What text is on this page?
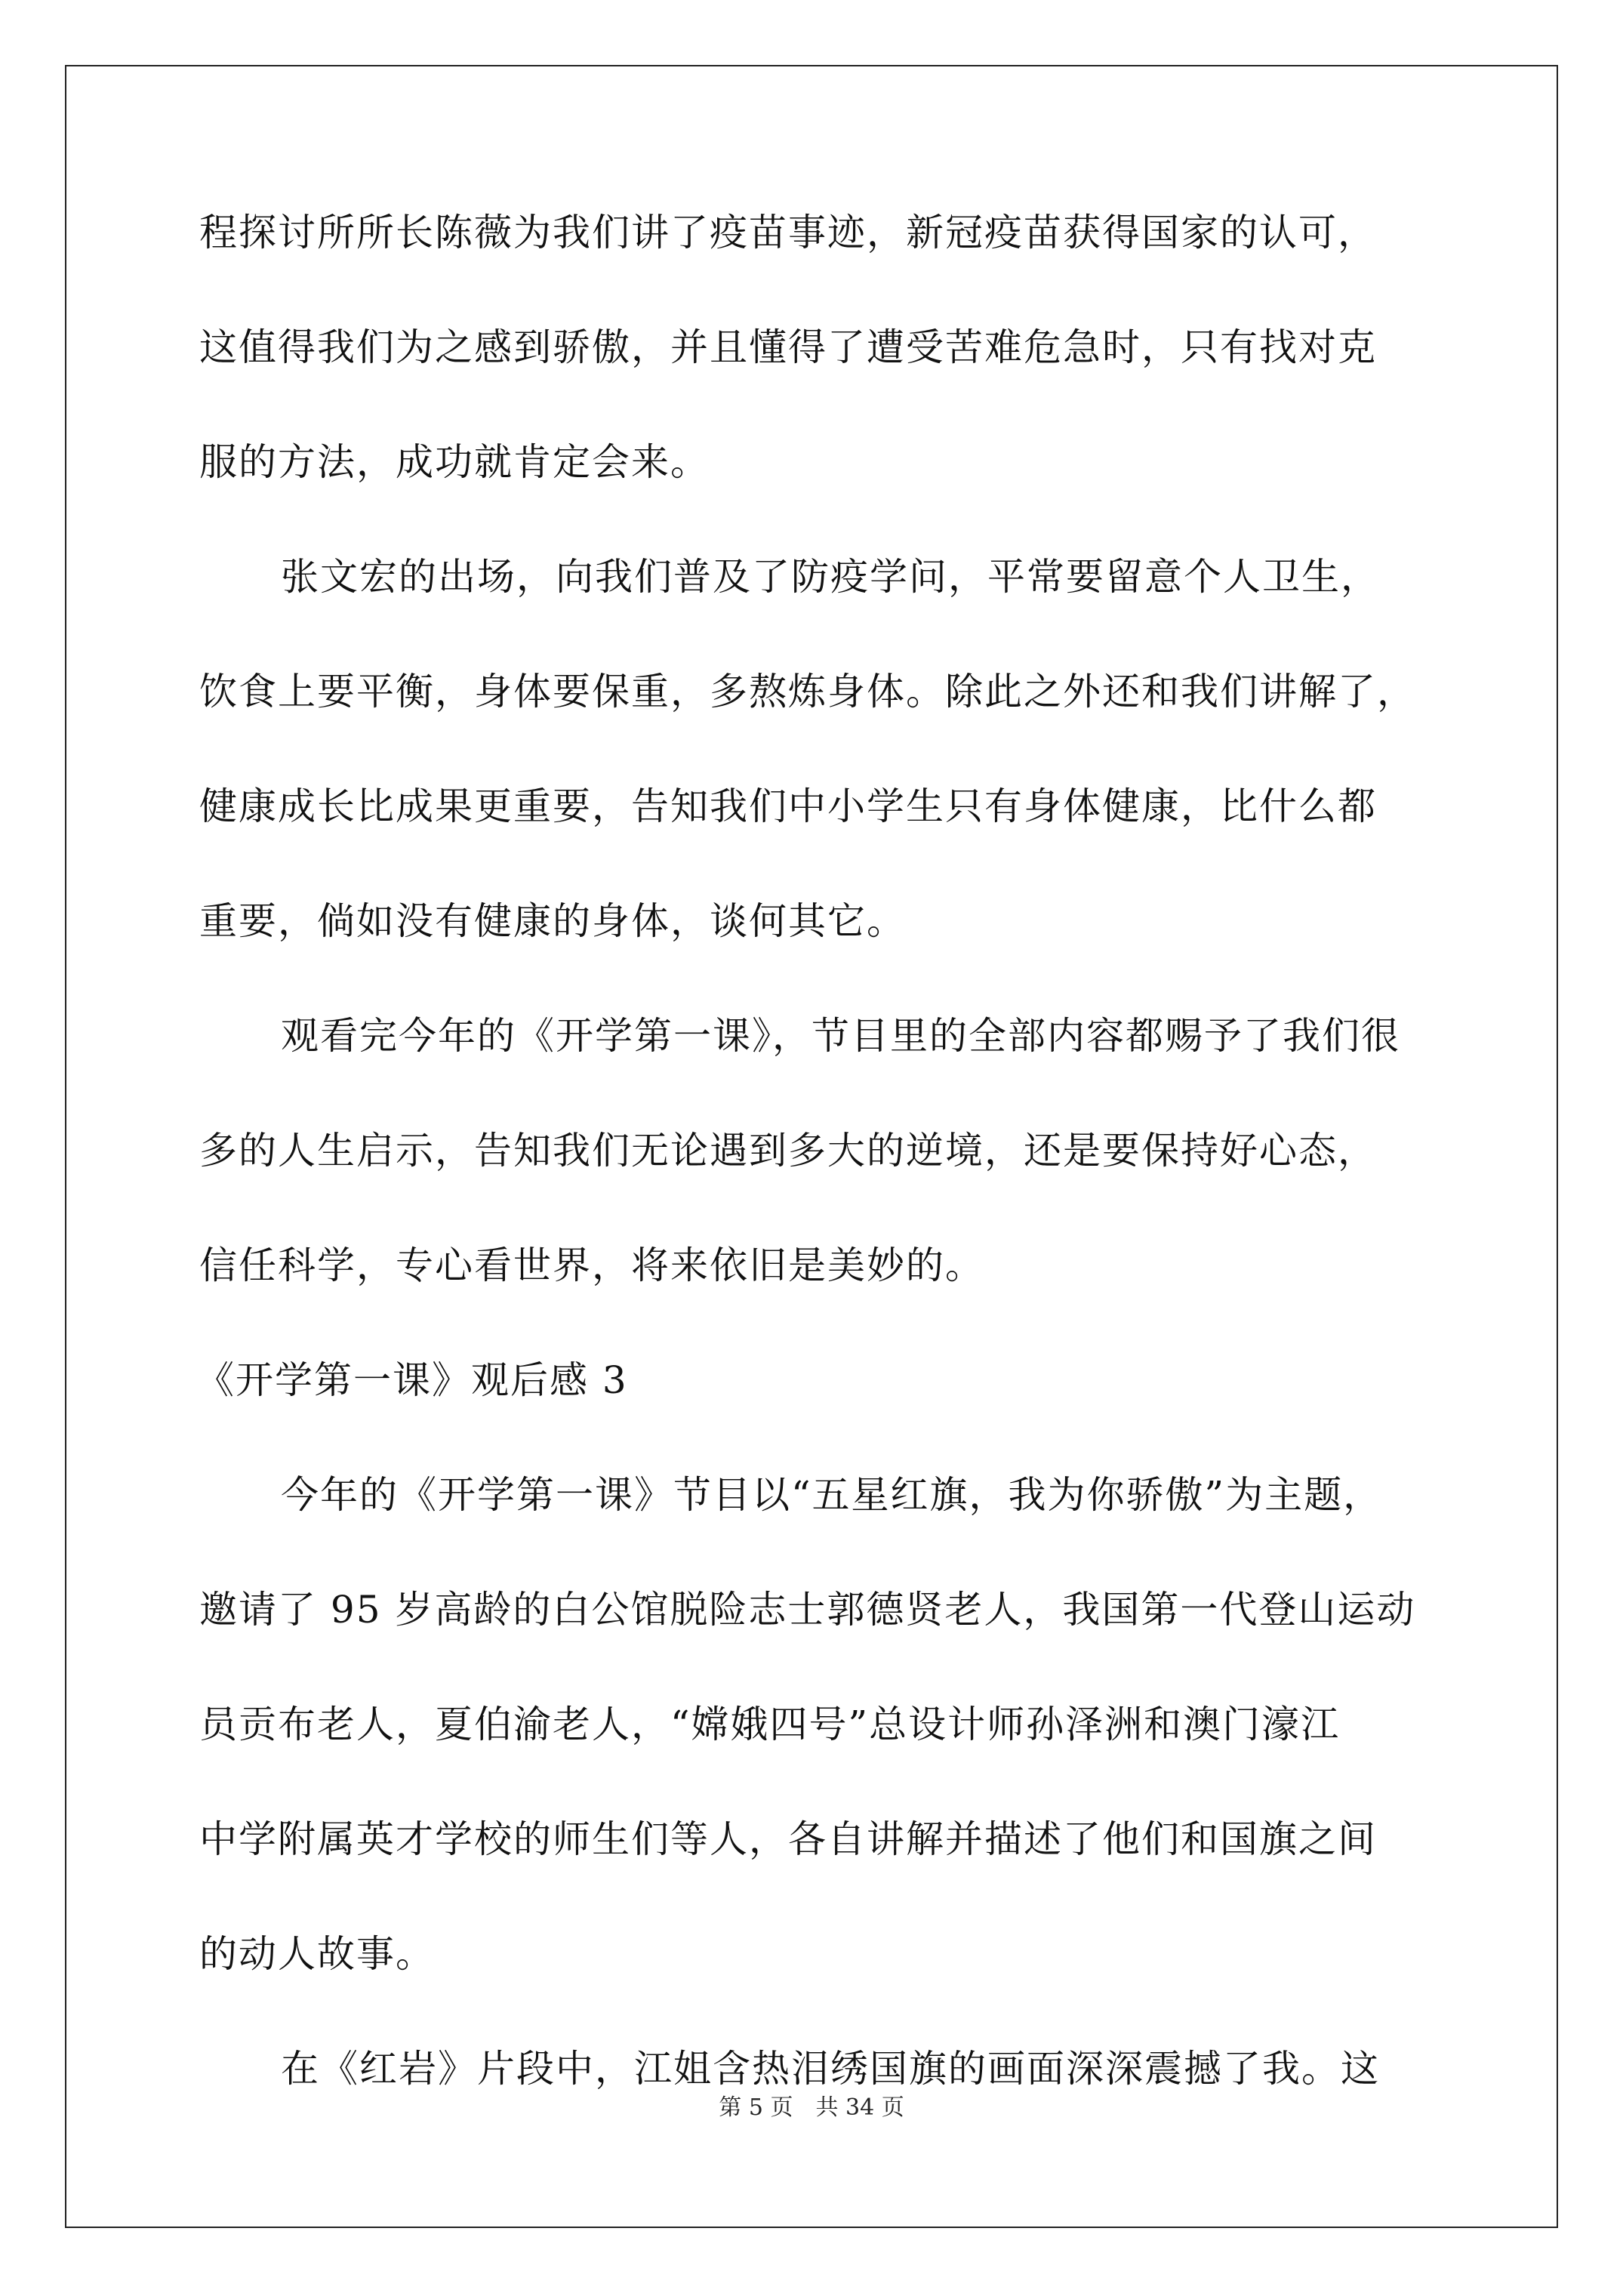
程探讨所所长陈薇为我们讲了疫苗事迹，新冠疫苗获得国家的认可，
这值得我们为之感到骄傲，并且懂得了遭受苦难危急时，只有找对克
服的方法，成功就肯定会来。
张文宏的出场，向我们普及了防疫学问，平常要留意个人卫生，
饮食上要平衡，身体要保重，多熬炼身体。除此之外还和我们讲解了，
健康成长比成果更重要，告知我们中小学生只有身体健康，比什么都
重要，倘如没有健康的身体，谈何其它。
观看完今年的《开学第一课》，节目里的全部内容都赐予了我们很
多的人生启示，告知我们无论遇到多大的逆境，还是要保持好心态，
信任科学，专心看世界，将来依旧是美妙的。
《开学第一课》观后感 3
今年的《开学第一课》节目以“五星红旗，我为你骄傲”为主题，
邀请了 95 岁高龄的白公馆脱险志士郭德贤老人，我国第一代登山运动
员贡布老人，夏伯渝老人，“嫦娥四号”总设计师孙泽洲和澳门濠江
中学附属英才学校的师生们等人，各自讲解并描述了他们和国旗之间
的动人故事。
在《红岩》片段中，江姐含热泪绣国旗的画面深深震撼了我。这
第 5 页　共 34 页
